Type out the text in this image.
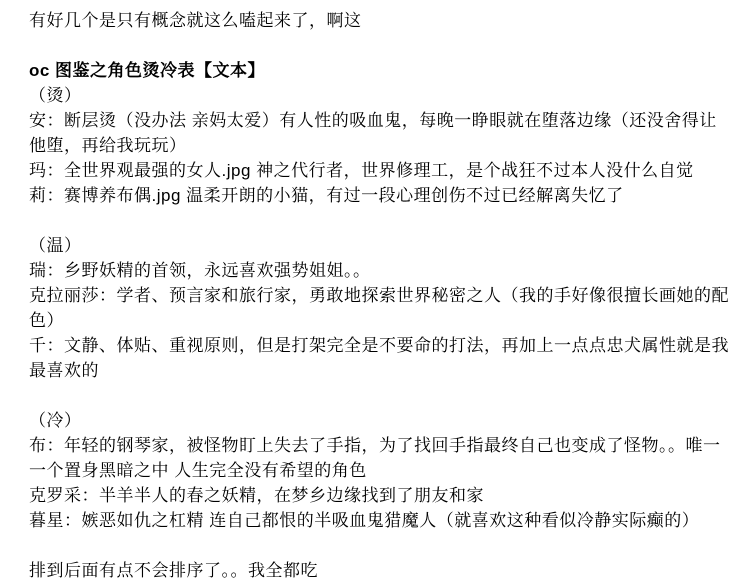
有好几个是只有概念就这么嗑起来了，啊这
oc 图鉴之角色烫冷表【文本】
（烫）
安：断层烫（没办法 亲妈太爱）有人性的吸血鬼，每晚一睁眼就在堕落边缘（还没舍得让
他堕，再给我玩玩）
玛：全世界观最强的女人.jpg 神之代行者，世界修理工，是个战狂不过本人没什么自觉
莉：赛博养布偶.jpg 温柔开朗的小猫，有过一段心理创伤不过已经解离失忆了
（温）
瑞：乡野妖精的首领，永远喜欢强势姐姐。。
克拉丽莎：学者、预言家和旅行家，勇敢地探索世界秘密之人（我的手好像很擅长画她的配
色）
千：文静、体贴、重视原则，但是打架完全是不要命的打法，再加上一点点忠犬属性就是我
最喜欢的
（冷）
布：年轻的钢琴家，被怪物盯上失去了手指，为了找回手指最终自己也变成了怪物。。唯一
一个置身黑暗之中 人生完全没有希望的角色
克罗采：半羊半人的春之妖精，在梦乡边缘找到了朋友和家
暮星：嫉恶如仇之杠精 连自己都恨的半吸血鬼猎魔人（就喜欢这种看似冷静实际癫的）
排到后面有点不会排序了。。我全都吃
